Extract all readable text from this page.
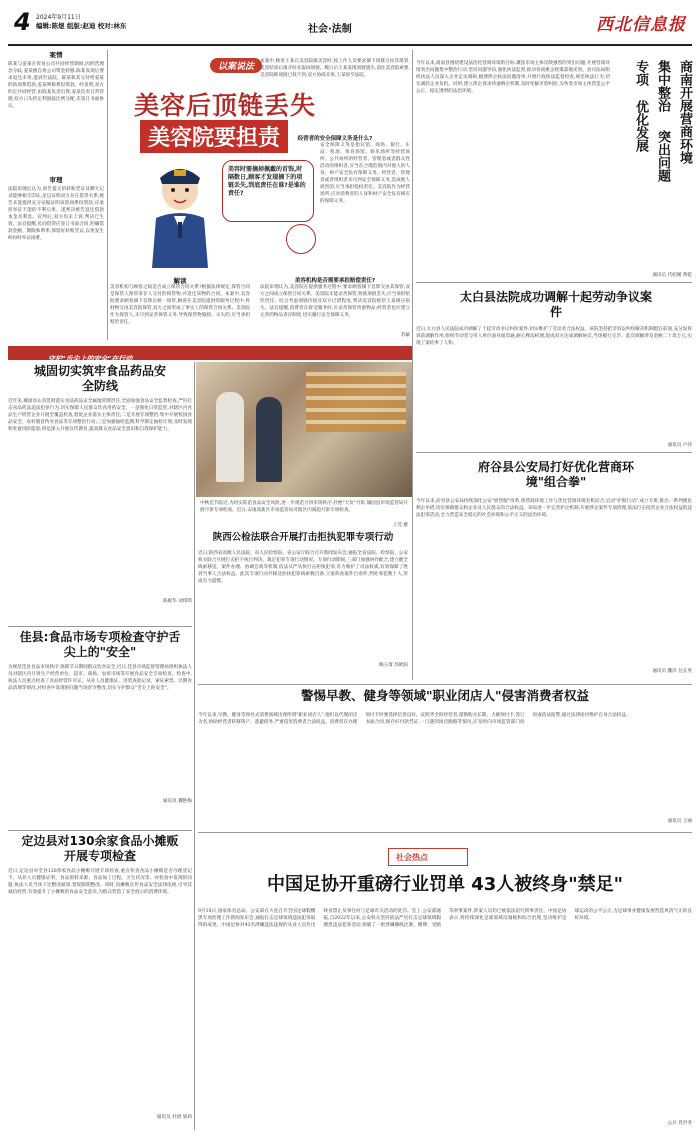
4 2024年9月11日
编辑:陈煜 组版:赵迪 校对:林东	社会·法制	西北信息报
案情
陈某与姜某在贸易公司共同经营期间,因经营理念分歧,姜某擅自将公司资金转移,陈某发现后要求返还未果,遂诉至法院。陈某称其交付给姜某的款项系借款,姜某则称系投资款。经查明,双方约定共同经营,由陈某负责出资,姜某负责日常管理,双方口头约定利润按比例分配,未签订书面协议。
审理
法院审理后认为,原告提交的转账凭证及聊天记录能够相互印证,足以证明双方存在借贷关系,被告未能提供充分证据证明该款项系投资款,应承担举证不能的不利后果。遂判决被告返还借款本金及利息。宣判后,双方均未上诉,判决已生效。法官提醒,民间借贷应签订书面合同,明确借款金额、期限和利率,保留好转账凭证,以免发生纠纷时举证困难。
以案说法
美容后顶链丢失
美容院要担责
美容时需摘掉佩戴的首饰,时隔数日,顾客才发现摘下的项链丢失,到底责任在谁?是谁的责任?
解读
美容机构与顾客之间是否成立保管合同关系?根据法律规定,保管合同是保管人保管寄存人交付的保管物,并返还该物的合同。本案中,美容院要求顾客摘下首饰后统一保管,顾客在美容院提供的服务过程中,将财物交由美容院保管,双方之间形成了事实上的保管合同关系。美容院作为保管人,未尽到妥善保管义务,导致保管物毁损、灭失的,应当承担赔偿责任。
本案中,顾客王某在美容院做美容时,按工作人员要求摘下项链交由其保管,美容结束后离开时未取回项链。数日后王某发现项链遗失,前往美容院索要,美容院称项链已找不到,双方协商未果,王某诉至法院。
经营者的安全保障义务是什么?
安全保障义务是指宾馆、商场、银行、车站、机场、体育场馆、娱乐场所等经营场所、公共场所的经营者、管理者或者群众性活动的组织者,应当在合理范围内对他人的人身、财产安全负有保障义务。经营者、管理者或者组织者未尽到安全保障义务,造成他人损害的,应当承担侵权责任。美容院作为经营场所,应对消费者的人身和财产安全负有相应的保障义务。
美容机构是否需要承担赔偿责任?
法院审理认为,美容院在提供服务过程中,要求顾客摘下首饰交由其保管,双方之间成立保管合同关系。美容院未能妥善保管,致使项链丢失,应当承担赔偿责任。综合考虑项链价值及双方过错程度,判决美容院赔偿王某相应损失。法官提醒,消费者在接受服务时,应妥善保管贵重物品;经营者也应建立完善的物品寄存制度,切实履行安全保障义务。
苏颖
今年以来,商南县围绕建设法治化营商环境的目标,聚焦市场主体反映强烈的突出问题,开展营商环境突出问题集中整治行动,坚持问题导向,强化执法监督,推动各项惠企政策落地见效。县司法局组织执法人员深入企业走访调研,梳理涉企执法问题清单,开展行政执法监督检查,规范执法行为,切实减轻企业负担。同时,建立涉企诉求快速响应机制,及时化解矛盾纠纷,为各类市场主体营造公平公正、稳定透明的法治环境。	商南开展营商环境
集中整治
突出问题
专项
优化发展
通讯员 代绍刚 黄乾
太白县法院成功调解十起劳动争议案件
近日,太白县人民法院成功调解了十起劳动争议纠纷案件,切实维护了劳动者合法权益。该院坚持把非诉讼纠纷解决机制挺在前面,充分发挥诉前调解作用,组织劳动者与用人单位面对面沟通,耐心释法析理,促成双方达成调解协议,当场履行完毕。此次调解涉及金额二十余万元,实现了案结事了人和。
通讯员 卢萍
府谷县公安局打好优化营商环境"组合拳"
今年以来,府谷县公安局持续深化公安"放管服"改革,将营商环境工作与优化营商环境有机结合,启动"护航行动",成立专班,推出一系列便民利企举措,切实保障群众和企业及人民群众的合法权益。该局进一步完善护企机制,开展涉企案件专项清理,依法打击侵害企业合法权益的违法犯罪活动,全力营造安全稳定的社会环境和公平正义的法治环境。
通讯员 魏洋 任长英
守护"舌尖上的安全"在行动
中秋佳节临近,为切实防范食品安全风险,进一步规范月饼市场秩序,杜绝"天价"月饼,城固县市场监管局开展月饼专项检查。近日,安康高新区市场监管局对辖区内商超月饼专项检查。
王莞 摄
城固切实筑牢食品药品安全防线
近年来,城固县认真贯彻落实食品药品安全属地管理责任,全面加强食品安全监督检查,严厉打击食品药品违法犯罪行为,切实保障人民群众饮食用药安全。一是强化日常监管,对辖区内食品生产经营企业开展全覆盖检查,督促企业落实主体责任;二是开展专项整治,集中开展校园食品安全、农村假冒伪劣食品等专项整治行动;三是加强抽检监测,科学制定抽检计划,及时发现和处置风险隐患;四是深入开展宣传教育,提高群众食品安全意识和自我保护能力。
陈妮华 刘琪琪
佳县:食品市场专项检查守护舌尖上的"安全"
为规范佳县食品市场秩序,保障节日期间群众饮食安全,近日,佳县市场监督管理局组织执法人员对辖区内月饼生产经营单位、超市、商场、农贸市场等开展食品安全专项检查。检查中,执法人员重点检查了食品经营许可证、从业人员健康证、进货查验记录、索证索票、过期食品清理等情况,对检查中发现的问题当场责令整改,切实守护群众"舌尖上的安全"。
通讯员 魏艳梅
定边县对130余家食品小摊贩开展专项检查
近日,定边县对全县130余家食品小摊贩开展专项检查,重点检查食品小摊贩是否办理登记卡、从业人员健康证明、食品原料来源、食品加工过程、卫生状况等。对检查中发现的问题,执法人员当场下达整改通知,督促限期整改。同时,向摊贩宣传食品安全法律法规,引导其诚信经营,有效提升了小摊贩的食品安全意识,为群众营造了安全放心的消费环境。
通讯员 杜倩 梁莉
陕西公检法联合开展打击拒执犯罪专项行动
近日,陕西省高级人民法院、省人民检察院、省公安厅联合召开新闻发布会,通报全省法院、检察院、公安机关联合开展打击拒不执行判决、裁定犯罪专项行动情况。专项行动期间,三部门加强协作配合,建立健全线索移送、案件办理、协调会商等机制,依法从严从快打击拒执犯罪,有力维护了司法权威,有效保障了胜诉当事人合法权益。此次专项行动共移送拒执犯罪线索数百条,立案侦查案件百余件,判处罪犯数十人,形成有力震慑。
陶玉琦 苏欧阳
警惕早教、健身等领域"职业闭店人"侵害消费者权益
今年以来,早教、健身等预付式消费领域出现所谓"职业闭店人",他们以代理闭店为名,协助经营者转移资产、逃避债务,严重侵害消费者合法权益。消费者在办理预付卡时要选择信誉良好、证照齐全的经营者,谨慎购买长期、大额预付卡,签订书面合同,保存好付款凭证,一旦遇到闭店跑路等情况,应及时向市场监管部门投诉或依法报警,通过法律途径维护自身合法权益。
通讯员 王丽
社会热点
中国足协开重磅行业罚单 43人被终身"禁足"
9月10日,国家体育总局、公安部在大连召开全国足球假赌黑专项治理工作新闻发布会,通报打击足球领域违法犯罪取得的成果。中国足协对43名涉嫌违法违规的从业人员作出终身禁止从事任何与足球有关活动的处罚。会上,公安部通报,自2022年以来,公安机关坚持依法严厉打击足球领域假赌黑违法犯罪活动,侦破了一批涉嫌操纵比赛、赌博、受贿等刑事案件,涉案人员均已被依法追究刑事责任。中国足协表示,将持续深化足球领域反腐败和综合治理,坚决维护足球运动的公平公正,为足球事业健康发展营造风清气正的良好环境。
公兵 肖世尧
